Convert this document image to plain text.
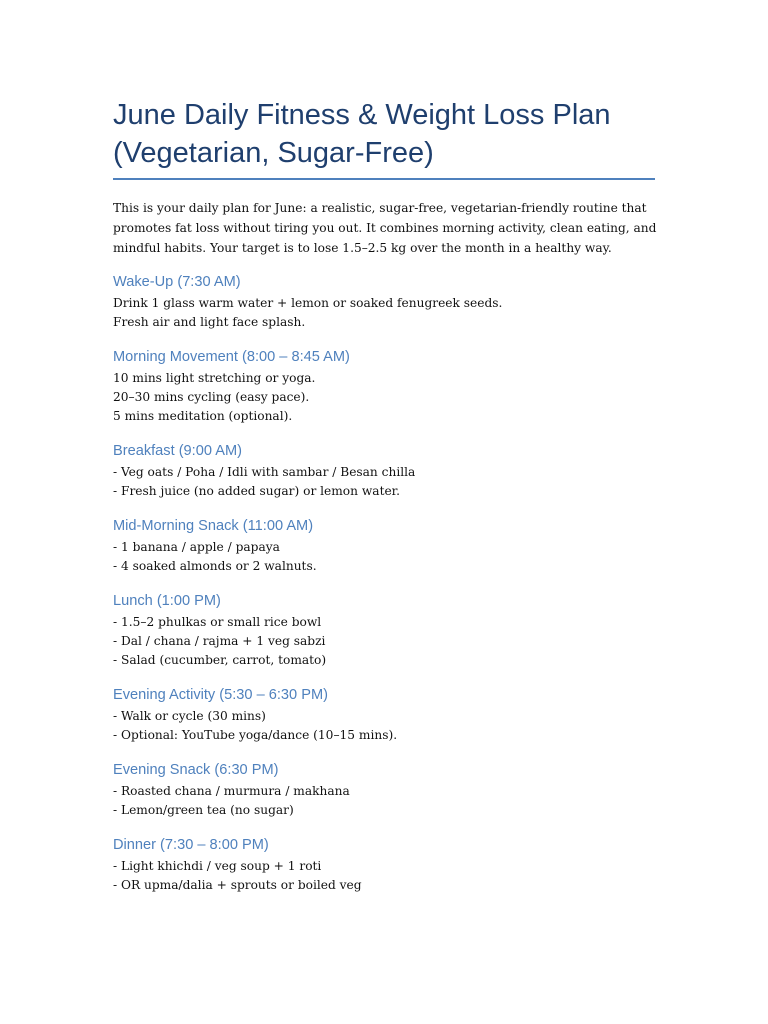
June Daily Fitness & Weight Loss Plan
(Vegetarian, Sugar-Free)

This is your daily plan for June: a realistic, sugar-free, vegetarian-friendly routine that
promotes fat loss without tiring you out. It combines morning activity, clean eating, and
mindful habits. Your target is to lose 1.5–2.5 kg over the month in a healthy way.

Wake-Up (7:30 AM)

Drink 1 glass warm water + lemon or soaked fenugreek seeds.

Fresh air and light face splash.

Morning Movement (8:00 – 8:45 AM)

10 mins light stretching or yoga.

20–30 mins cycling (easy pace).

5 mins meditation (optional).

Breakfast (9:00 AM)

- Veg oats / Poha / Idli with sambar / Besan chilla

- Fresh juice (no added sugar) or lemon water.

Mid-Morning Snack (11:00 AM)

- 1 banana / apple / papaya

- 4 soaked almonds or 2 walnuts.

Lunch (1:00 PM)

- 1.5–2 phulkas or small rice bowl

- Dal / chana / rajma + 1 veg sabzi

- Salad (cucumber, carrot, tomato)

Evening Activity (5:30 – 6:30 PM)

- Walk or cycle (30 mins)

- Optional: YouTube yoga/dance (10–15 mins).

Evening Snack (6:30 PM)

- Roasted chana / murmura / makhana

- Lemon/green tea (no sugar)

Dinner (7:30 – 8:00 PM)

- Light khichdi / veg soup + 1 roti

- OR upma/dalia + sprouts or boiled veg
